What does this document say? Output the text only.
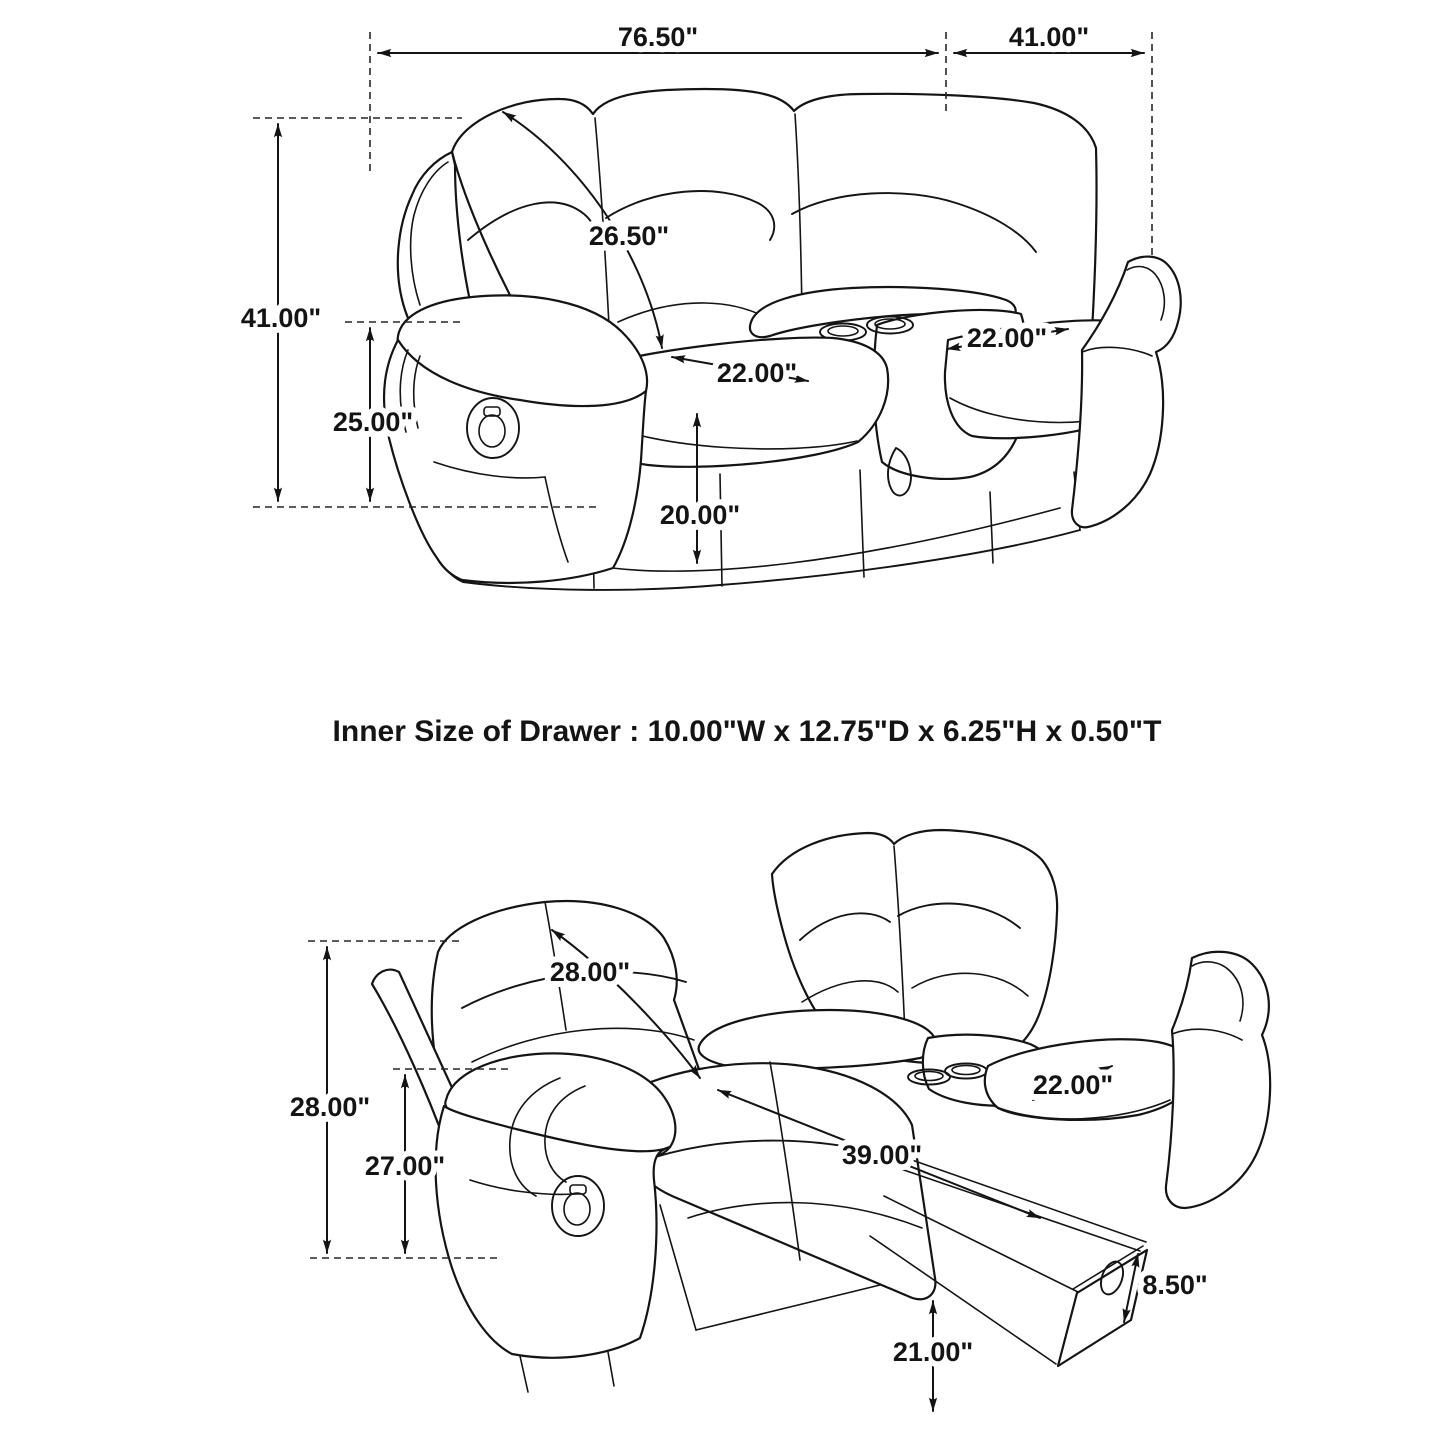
76.50"	41.00"
41.00"
25.00"
26.50"
22.00"
22.00"
20.00"
Inner Size of Drawer : 10.00"W x 12.75"D x 6.25"H x 0.50"T
28.00"
27.00"
28.00"
39.00"
22.00"
8.50"
21.00"
